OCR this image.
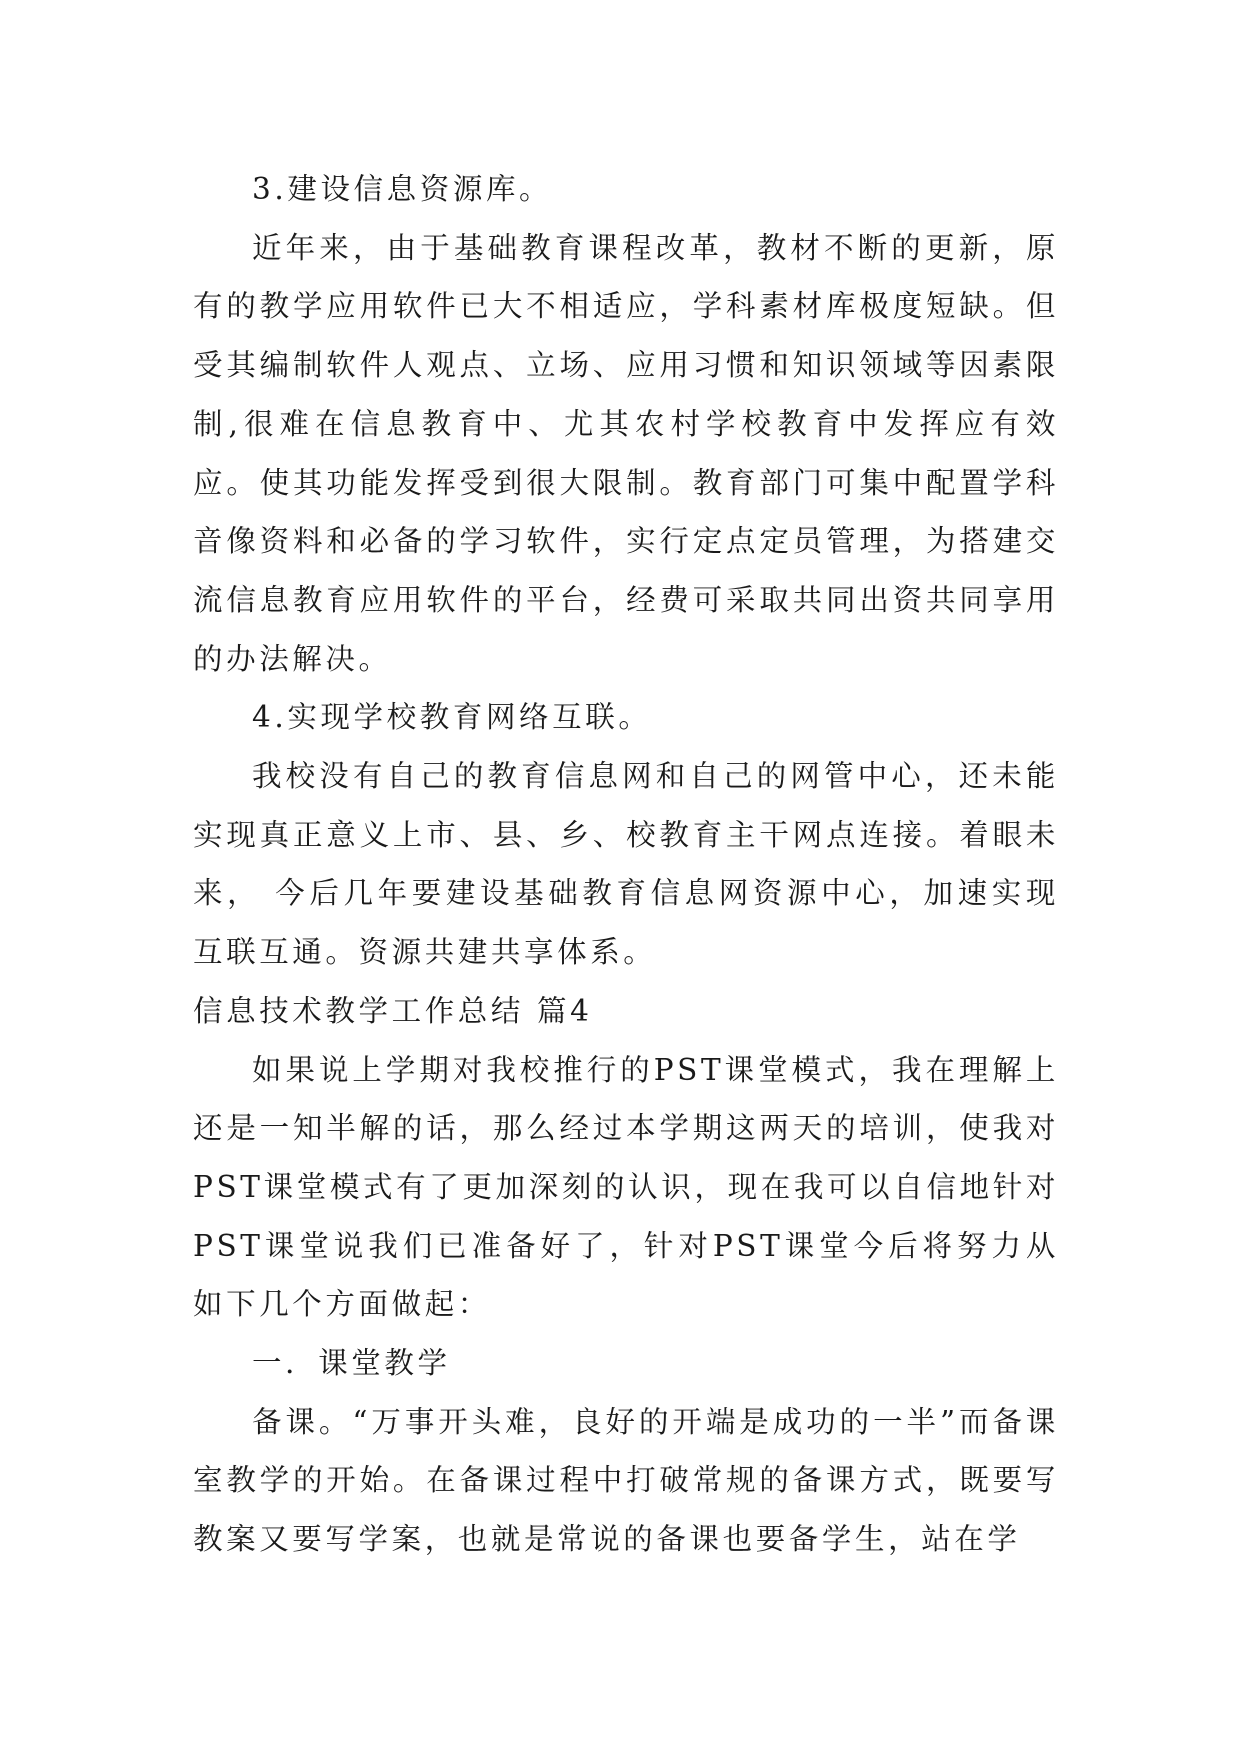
3.建设信息资源库。

近年来，由于基础教育课程改革，教材不断的更新，原有的教学应用软件已大不相适应，学科素材库极度短缺。但受其编制软件人观点、立场、应用习惯和知识领域等因素限制,很难在信息教育中、尤其农村学校教育中发挥应有效应。使其功能发挥受到很大限制。教育部门可集中配置学科音像资料和必备的学习软件，实行定点定员管理，为搭建交流信息教育应用软件的平台，经费可采取共同出资共同享用的办法解决。

4.实现学校教育网络互联。

我校没有自己的教育信息网和自己的网管中心，还未能实现真正意义上市、县、乡、校教育主干网点连接。着眼未来， 今后几年要建设基础教育信息网资源中心，加速实现互联互通。资源共建共享体系。

信息技术教学工作总结 篇4

如果说上学期对我校推行的PST课堂模式，我在理解上还是一知半解的话，那么经过本学期这两天的培训，使我对PST课堂模式有了更加深刻的认识，现在我可以自信地针对PST课堂说我们已准备好了，针对PST课堂今后将努力从如下几个方面做起：

一．课堂教学

备课。“万事开头难，良好的开端是成功的一半”而备课室教学的开始。在备课过程中打破常规的备课方式，既要写教案又要写学案，也就是常说的备课也要备学生，站在学
